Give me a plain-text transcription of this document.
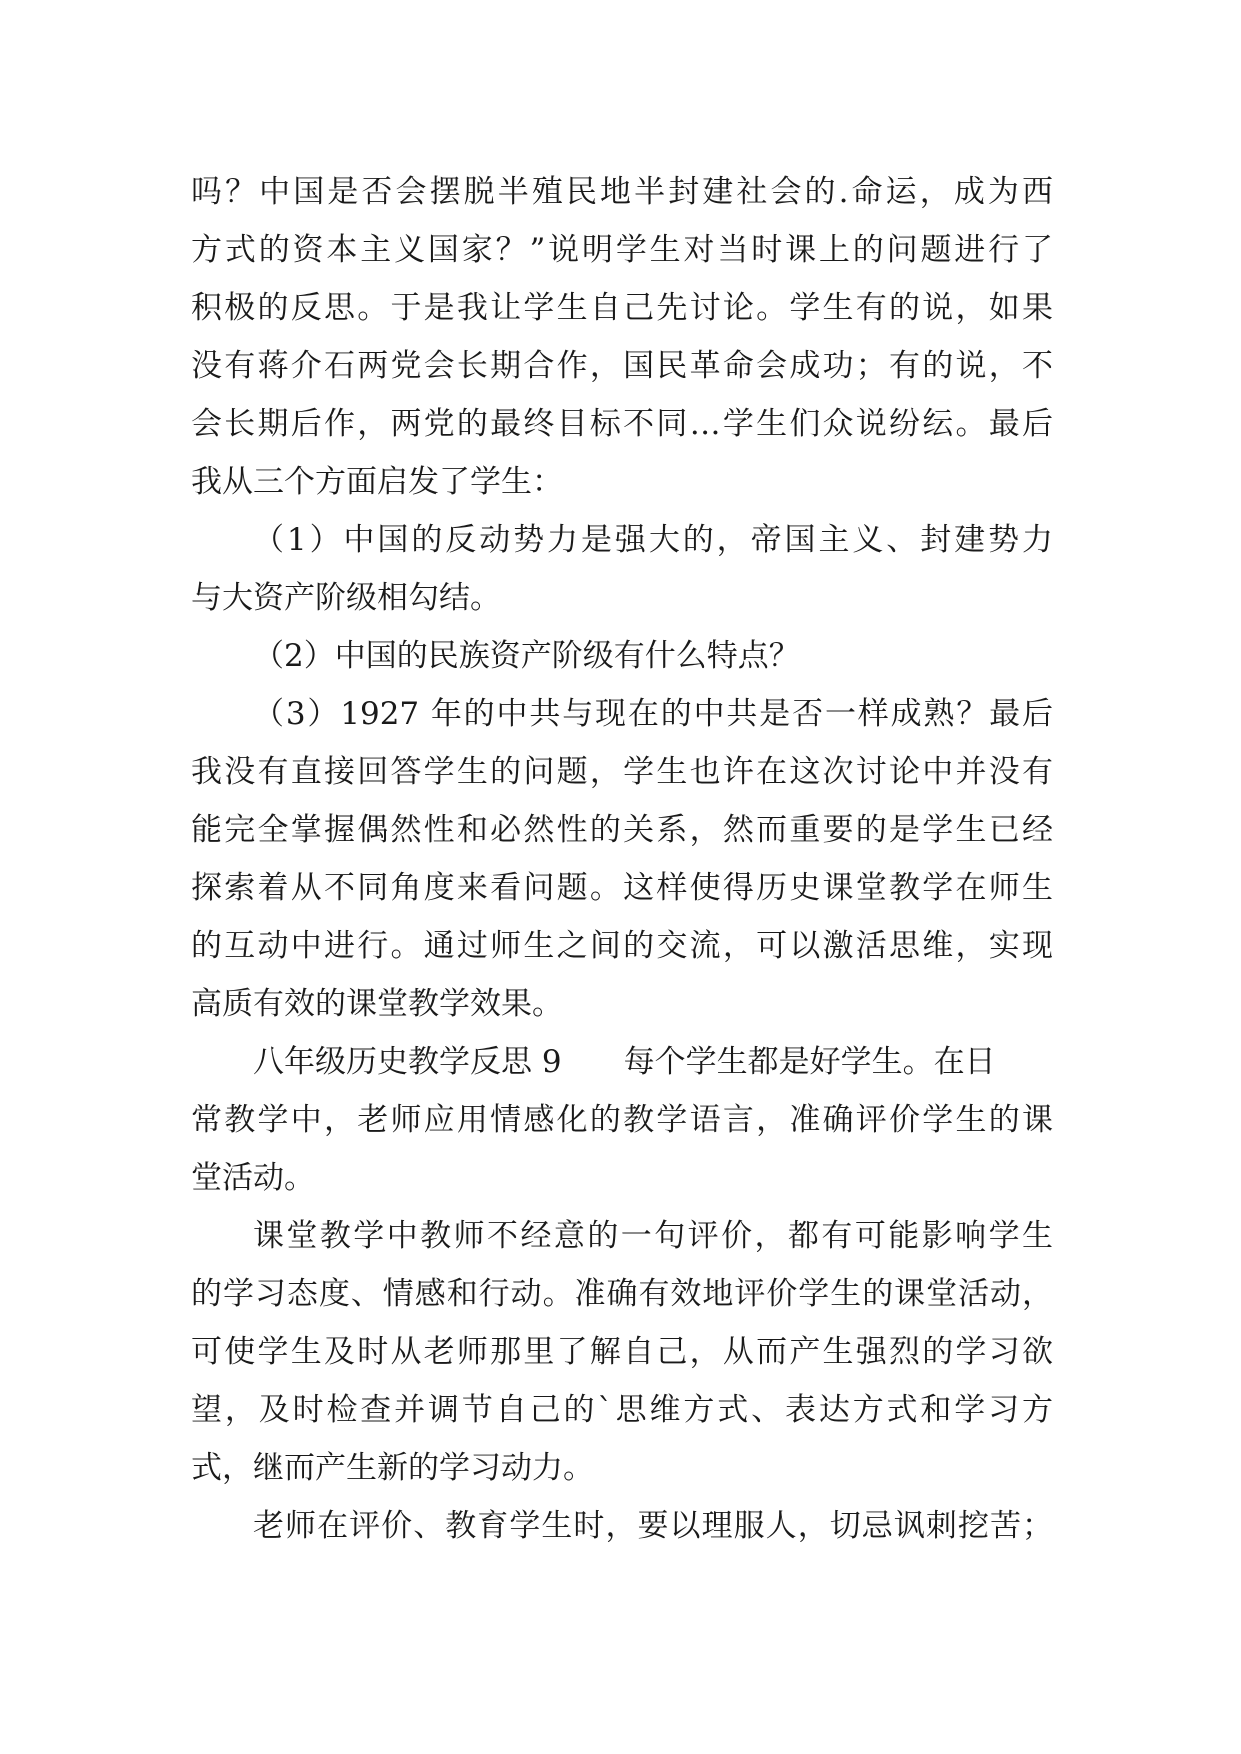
吗？中国是否会摆脱半殖民地半封建社会的.命运，成为西
方式的资本主义国家？”说明学生对当时课上的问题进行了
积极的反思。于是我让学生自己先讨论。学生有的说，如果
没有蒋介石两党会长期合作，国民革命会成功；有的说，不
会长期后作，两党的最终目标不同…学生们众说纷纭。最后
我从三个方面启发了学生：
（1）中国的反动势力是强大的，帝国主义、封建势力
与大资产阶级相勾结。
（2）中国的民族资产阶级有什么特点？
（3）1927 年的中共与现在的中共是否一样成熟？最后
我没有直接回答学生的问题，学生也许在这次讨论中并没有
能完全掌握偶然性和必然性的关系，然而重要的是学生已经
探索着从不同角度来看问题。这样使得历史课堂教学在师生
的互动中进行。通过师生之间的交流，可以激活思维，实现
高质有效的课堂教学效果。
八年级历史教学反思 9 每个学生都是好学生。在日
常教学中，老师应用情感化的教学语言，准确评价学生的课
堂活动。
课堂教学中教师不经意的一句评价，都有可能影响学生
的学习态度、情感和行动。准确有效地评价学生的课堂活动，
可使学生及时从老师那里了解自己，从而产生强烈的学习欲
望，及时检查并调节自己的`思维方式、表达方式和学习方
式，继而产生新的学习动力。
老师在评价、教育学生时，要以理服人，切忌讽刺挖苦；
